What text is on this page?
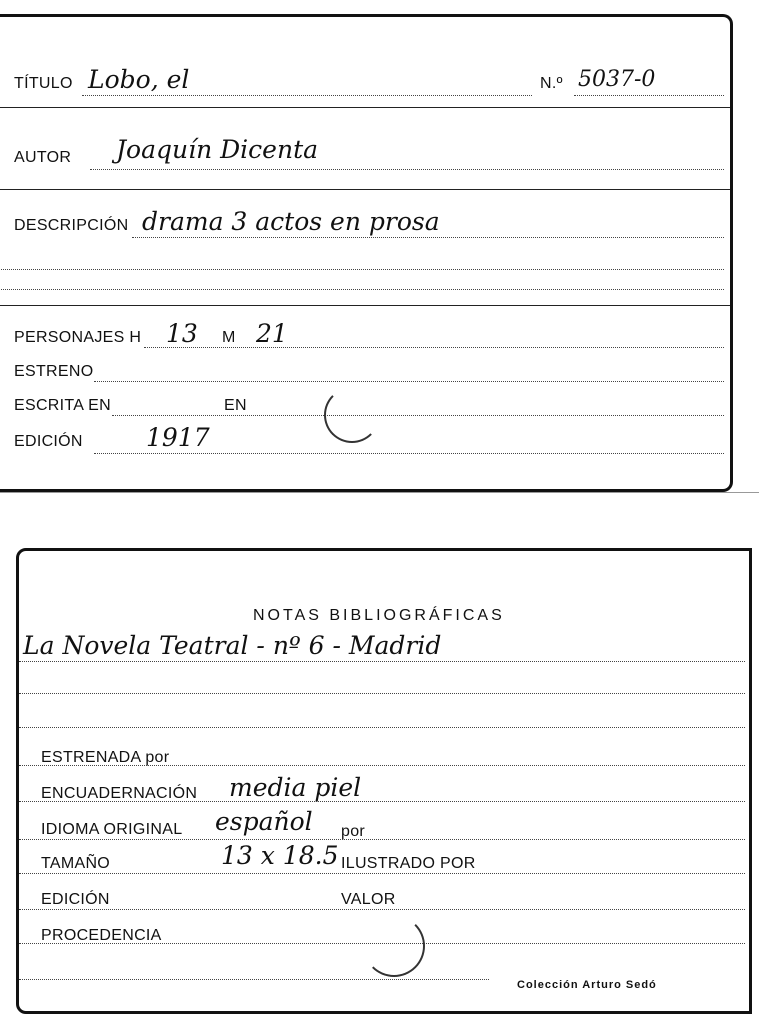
TÍTULO Lobo, el	N.º 5037-0
AUTOR Joaquín Dicenta
DESCRIPCIÓN drama 3 actos en prosa
PERSONAJES H 13 M 21
ESTRENO
ESCRITA EN	EN
EDICIÓN	1917
NOTAS BIBLIOGRÁFICAS
La Novela Teatral - nº 6 - Madrid
ESTRENADA por
ENCUADERNACIÓN media piel
IDIOMA ORIGINAL español por
TAMAÑO	13 x 18.5 ILUSTRADO POR
EDICIÓN	VALOR
PROCEDENCIA
Colección Arturo Sedó
